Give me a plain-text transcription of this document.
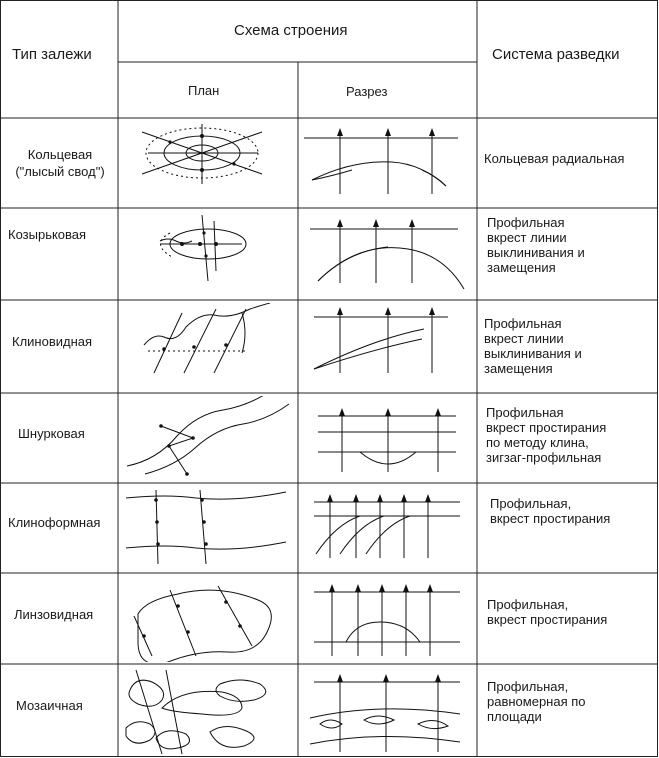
Тип залежи
Схема строения
План	Разрез
Система разведки
Кольцевая
("лысый свод")
Козырьковая
Клиновидная
Шнурковая
Клиноформная
Линзовидная
Мозаичная
Кольцевая радиальная
Профильная
вкрест линии
выклинивания и
замещения
Профильная
вкрест линии
выклинивания и
замещения
Профильная
вкрест простирания
по методу клина,
зигзаг-профильная
Профильная,
вкрест простирания
Профильная,
вкрест простирания
Профильная,
равномерная по
площади
